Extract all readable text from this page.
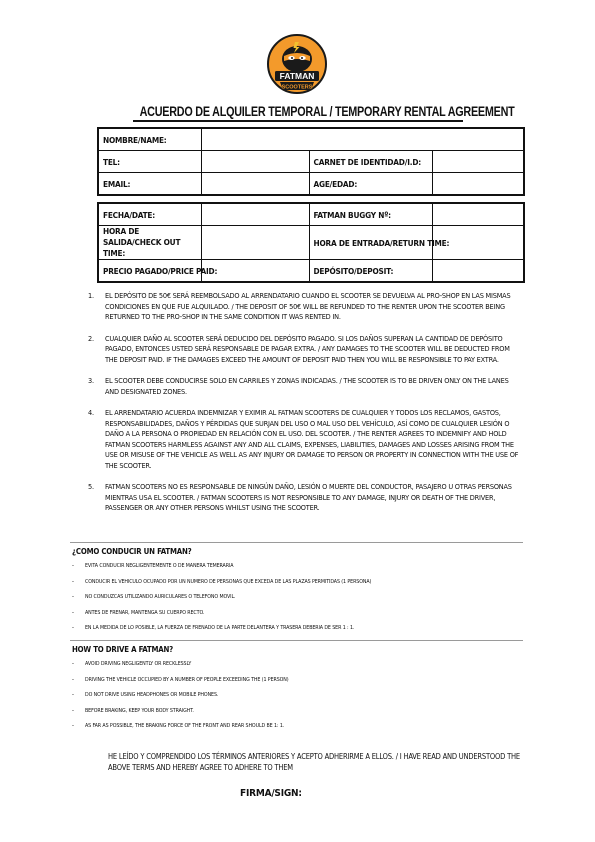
FATMAN
SCOOTERS
ACUERDO DE ALQUILER TEMPORAL / TEMPORARY RENTAL AGREEMENT
NOMBRE/NAME:			
TEL:		CARNET DE IDENTIDAD/I.D:	
EMAIL:		AGE/EDAD:	
FECHA/DATE:		FATMAN BUGGY Nº:	
HORA DE SALIDA/CHECK OUT TIME:		HORA DE ENTRADA/RETURN TIME:	
PRECIO PAGADO/PRICE PAID:		DEPÓSITO/DEPOSIT:	
1. EL DEPÓSITO DE 50€ SERÁ REEMBOLSADO AL ARRENDATARIO CUANDO EL SCOOTER SE DEVUELVA AL PRO-SHOP EN LAS MISMAS CONDICIONES EN QUE FUE ALQUILADO. / THE DEPOSIT OF 50€ WILL BE REFUNDED TO THE RENTER UPON THE SCOOTER BEING RETURNED TO THE PRO-SHOP IN THE SAME CONDITION IT WAS RENTED IN.
2. CUALQUIER DAÑO AL SCOOTER SERÁ DEDUCIDO DEL DEPÓSITO PAGADO. SI LOS DAÑOS SUPERAN LA CANTIDAD DE DEPÓSITO PAGADO, ENTONCES USTED SERÁ RESPONSABLE DE PAGAR EXTRA. / ANY DAMAGES TO THE SCOOTER WILL BE DEDUCTED FROM THE DEPOSIT PAID. IF THE DAMAGES EXCEED THE AMOUNT OF DEPOSIT PAID THEN YOU WILL BE RESPONSIBLE TO PAY EXTRA.
3. EL SCOOTER DEBE CONDUCIRSE SOLO EN CARRILES Y ZONAS INDICADAS. / THE SCOOTER IS TO BE DRIVEN ONLY ON THE LANES AND DESIGNATED ZONES.
4. EL ARRENDATARIO ACUERDA INDEMNIZAR Y EXIMIR AL FATMAN SCOOTERS DE CUALQUIER Y TODOS LOS RECLAMOS, GASTOS, RESPONSABILIDADES, DAÑOS Y PÉRDIDAS QUE SURJAN DEL USO O MAL USO DEL VEHÍCULO, ASÍ COMO DE CUALQUIER LESIÓN O DAÑO A LA PERSONA O PROPIEDAD EN RELACIÓN CON EL USO. DEL SCOOTER. / THE RENTER AGREES TO INDEMNIFY AND HOLD FATMAN SCOOTERS HARMLESS AGAINST ANY AND ALL CLAIMS, EXPENSES, LIABILITIES, DAMAGES AND LOSSES ARISING FROM THE USE OR MISUSE OF THE VEHICLE AS WELL AS ANY INJURY OR DAMAGE TO PERSON OR PROPERTY IN CONNECTION WITH THE USE OF THE SCOOTER.
5. FATMAN SCOOTERS NO ES RESPONSABLE DE NINGÚN DAÑO, LESIÓN O MUERTE DEL CONDUCTOR, PASAJERO U OTRAS PERSONAS MIENTRAS USA EL SCOOTER. / FATMAN SCOOTERS IS NOT RESPONSIBLE TO ANY DAMAGE, INJURY OR DEATH OF THE DRIVER, PASSENGER OR ANY OTHER PERSONS WHILST USING THE SCOOTER.
¿COMO CONDUCIR UN FATMAN?
- EVITA CONDUCIR NEGLIGENTEMENTE O DE MANERA TEMERARIA
- CONDUCIR EL VEHICULO OCUPADO POR UN NUMERO DE PERSONAS QUE EXCEDA DE LAS PLAZAS PERMITIDAS (1 PERSONA)
- NO CONDUZCAS UTILIZANDO AURICULARES O TELEFONO MOVIL.
- ANTES DE FRENAR, MANTENGA SU CUERPO RECTO.
- EN LA MEDIDA DE LO POSIBLE, LA FUERZA DE FRENADO DE LA PARTE DELANTERA Y TRASERA DEBERIA DE SER 1 : 1.
HOW TO DRIVE A FATMAN?
- AVOID DRIVING NEGLIGENTLY OR RECKLESSLY
- DRIVING THE VEHICLE OCCUPIED BY A NUMBER OF PEOPLE EXCEEDING THE (1 PERSON)
- DO NOT DRIVE USING HEADPHONES OR MOBILE PHONES.
- BEFORE BRAKING, KEEP YOUR BODY STRAIGHT.
- AS FAR AS POSSIBLE, THE BRAKING FORCE OF THE FRONT AND REAR SHOULD BE 1: 1.
HE LEÍDO Y COMPRENDIDO LOS TÉRMINOS ANTERIORES Y ACEPTO ADHERIRME A ELLOS. / I HAVE READ AND UNDERSTOOD THE ABOVE TERMS AND HEREBY AGREE TO ADHERE TO THEM
FIRMA/SIGN:
